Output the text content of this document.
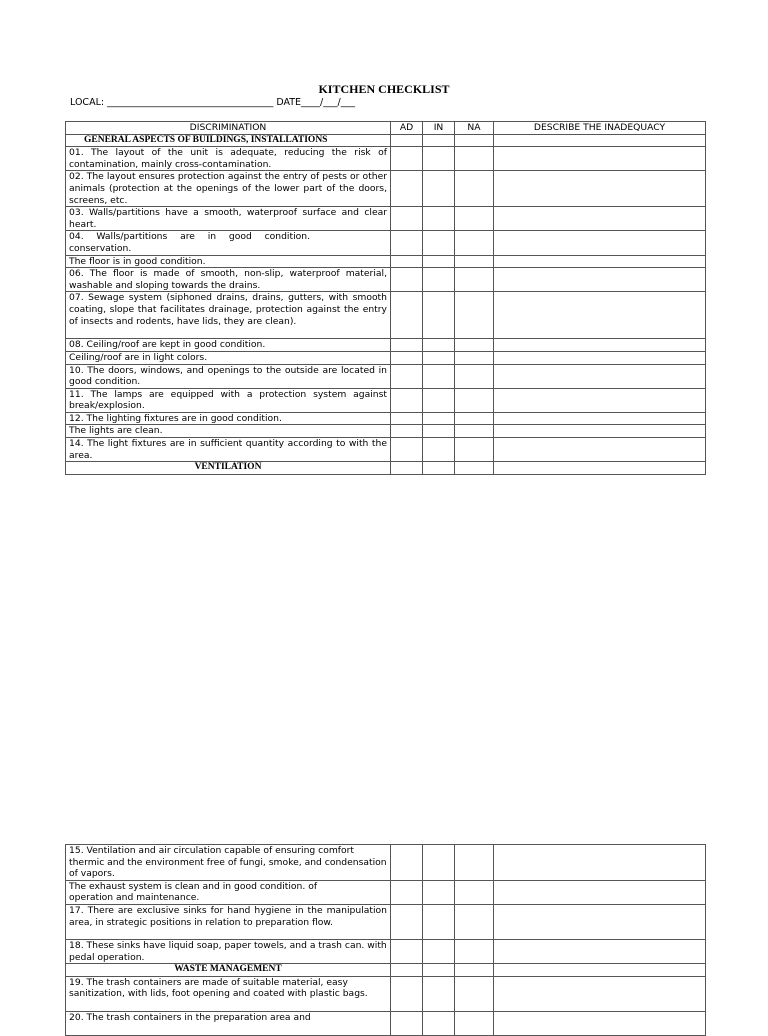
KITCHEN CHECKLIST
LOCAL: ___________________________________ DATE____/___/___
DISCRIMINATION	AD	IN	NA	DESCRIBE THE INADEQUACY
GENERAL ASPECTS OF BUILDINGS, INSTALLATIONS				
01. The layout of the unit is adequate, reducing the risk of contamination, mainly cross-contamination.				
02. The layout ensures protection against the entry of pests or other animals (protection at the openings of the lower part of the doors, screens, etc.				
03. Walls/partitions have a smooth, waterproof surface and clear heart.				
04. Walls/partitions are in good condition. conservation.				
The floor is in good condition.				
06. The floor is made of smooth, non-slip, waterproof material, washable and sloping towards the drains.				
07. Sewage system (siphoned drains, drains, gutters, with smooth coating, slope that facilitates drainage, protection against the entry of insects and rodents, have lids, they are clean).				
08. Ceiling/roof are kept in good condition.				
Ceiling/roof are in light colors.				
10. The doors, windows, and openings to the outside are located in good condition.				
11. The lamps are equipped with a protection system against break/explosion.				
12. The lighting fixtures are in good condition.				
The lights are clean.				
14. The light fixtures are in sufficient quantity according to with the area.				
VENTILATION				
15. Ventilation and air circulation capable of ensuring comfort thermic and the environment free of fungi, smoke, and condensation of vapors.				
The exhaust system is clean and in good condition. of operation and maintenance.				
17. There are exclusive sinks for hand hygiene in the manipulation area, in strategic positions in relation to preparation flow.				
18. These sinks have liquid soap, paper towels, and a trash can. with pedal operation.				
WASTE MANAGEMENT				
19. The trash containers are made of suitable material, easy sanitization, with lids, foot opening and coated with plastic bags.				
20. The trash containers in the preparation area and				
